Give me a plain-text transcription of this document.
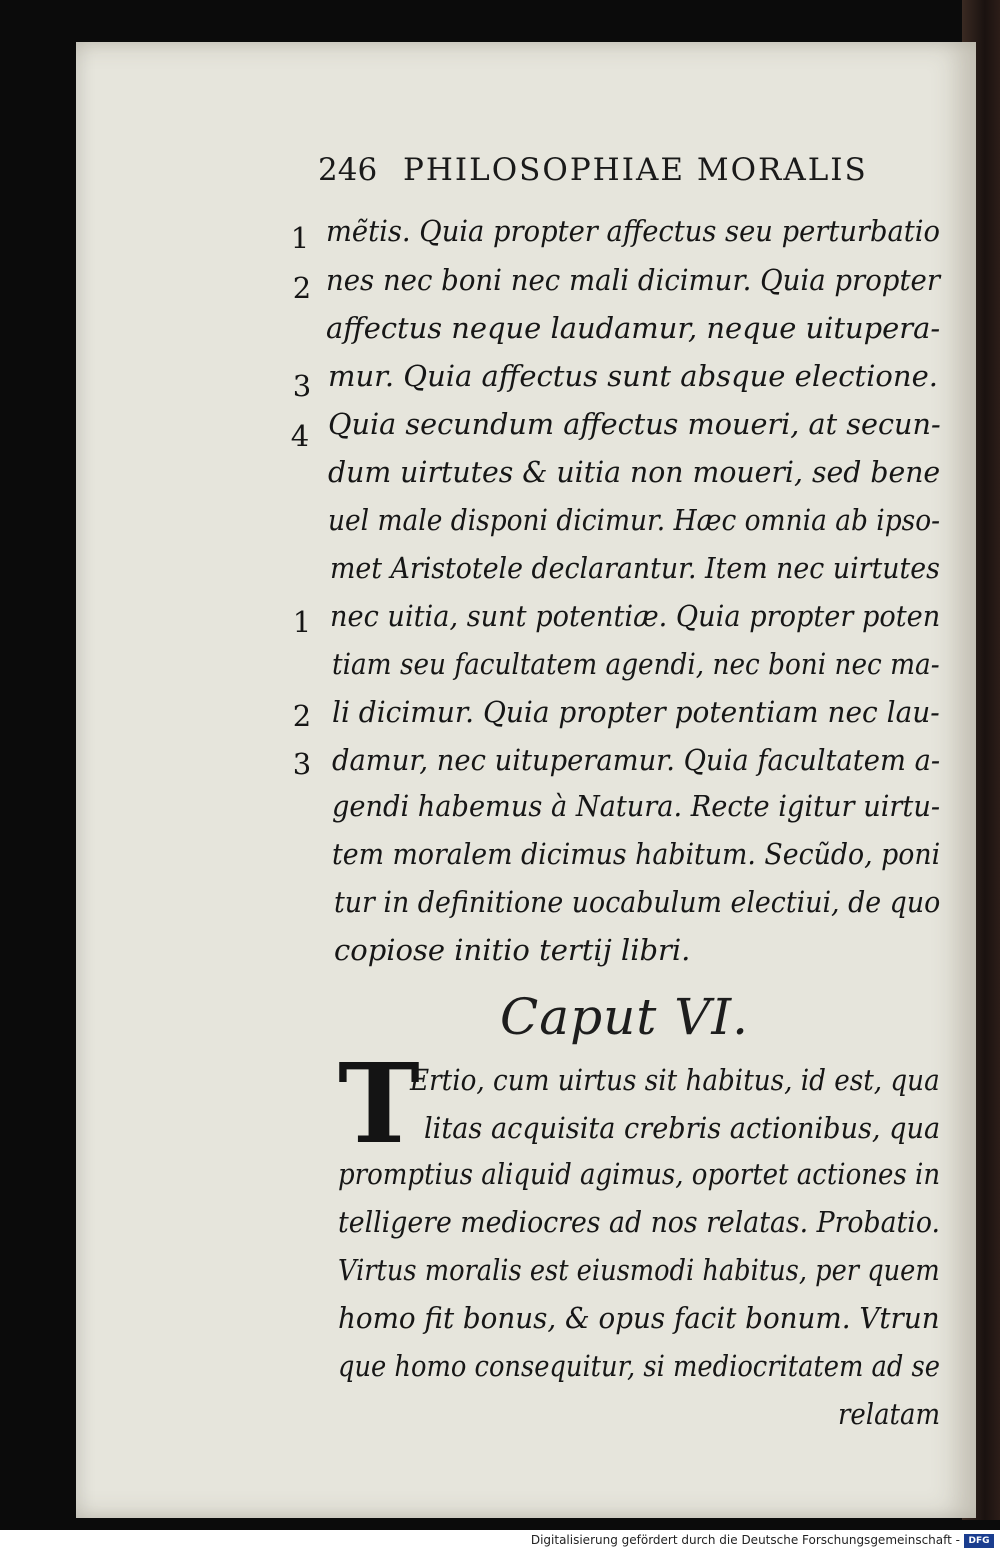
246 PHILOSOPHIAE MORALIS
1
2
3
4
1
2
3
mẽtis. Quia propter affectus seu perturbatio
nes nec boni nec mali dicimur. Quia propter
affectus neque laudamur, neque uitupera-
mur. Quia affectus sunt absque electione.
Quia secundum affectus moueri, at secun-
dum uirtutes & uitia non moueri, sed bene
uel male disponi dicimur. Hæc omnia ab ipso-
met Aristotele declarantur. Item nec uirtutes
nec uitia, sunt potentiæ. Quia propter poten
tiam seu facultatem agendi, nec boni nec ma-
li dicimur. Quia propter potentiam nec lau-
damur, nec uituperamur. Quia facultatem a-
gendi habemus à Natura. Recte igitur uirtu-
tem moralem dicimus habitum. Secũdo, poni
tur in definitione uocabulum electiui, de quo
copiose initio tertij libri.
Caput VI.
T
Ertio, cum uirtus sit habitus, id est, qua
litas acquisita crebris actionibus, qua
promptius aliquid agimus, oportet actiones in
telligere mediocres ad nos relatas. Probatio.
Virtus moralis est eiusmodi habitus, per quem
homo fit bonus, & opus facit bonum. Vtrun
que homo consequitur, si mediocritatem ad se
relatam
Digitalisierung gefördert durch die Deutsche Forschungsgemeinschaft - DFG
